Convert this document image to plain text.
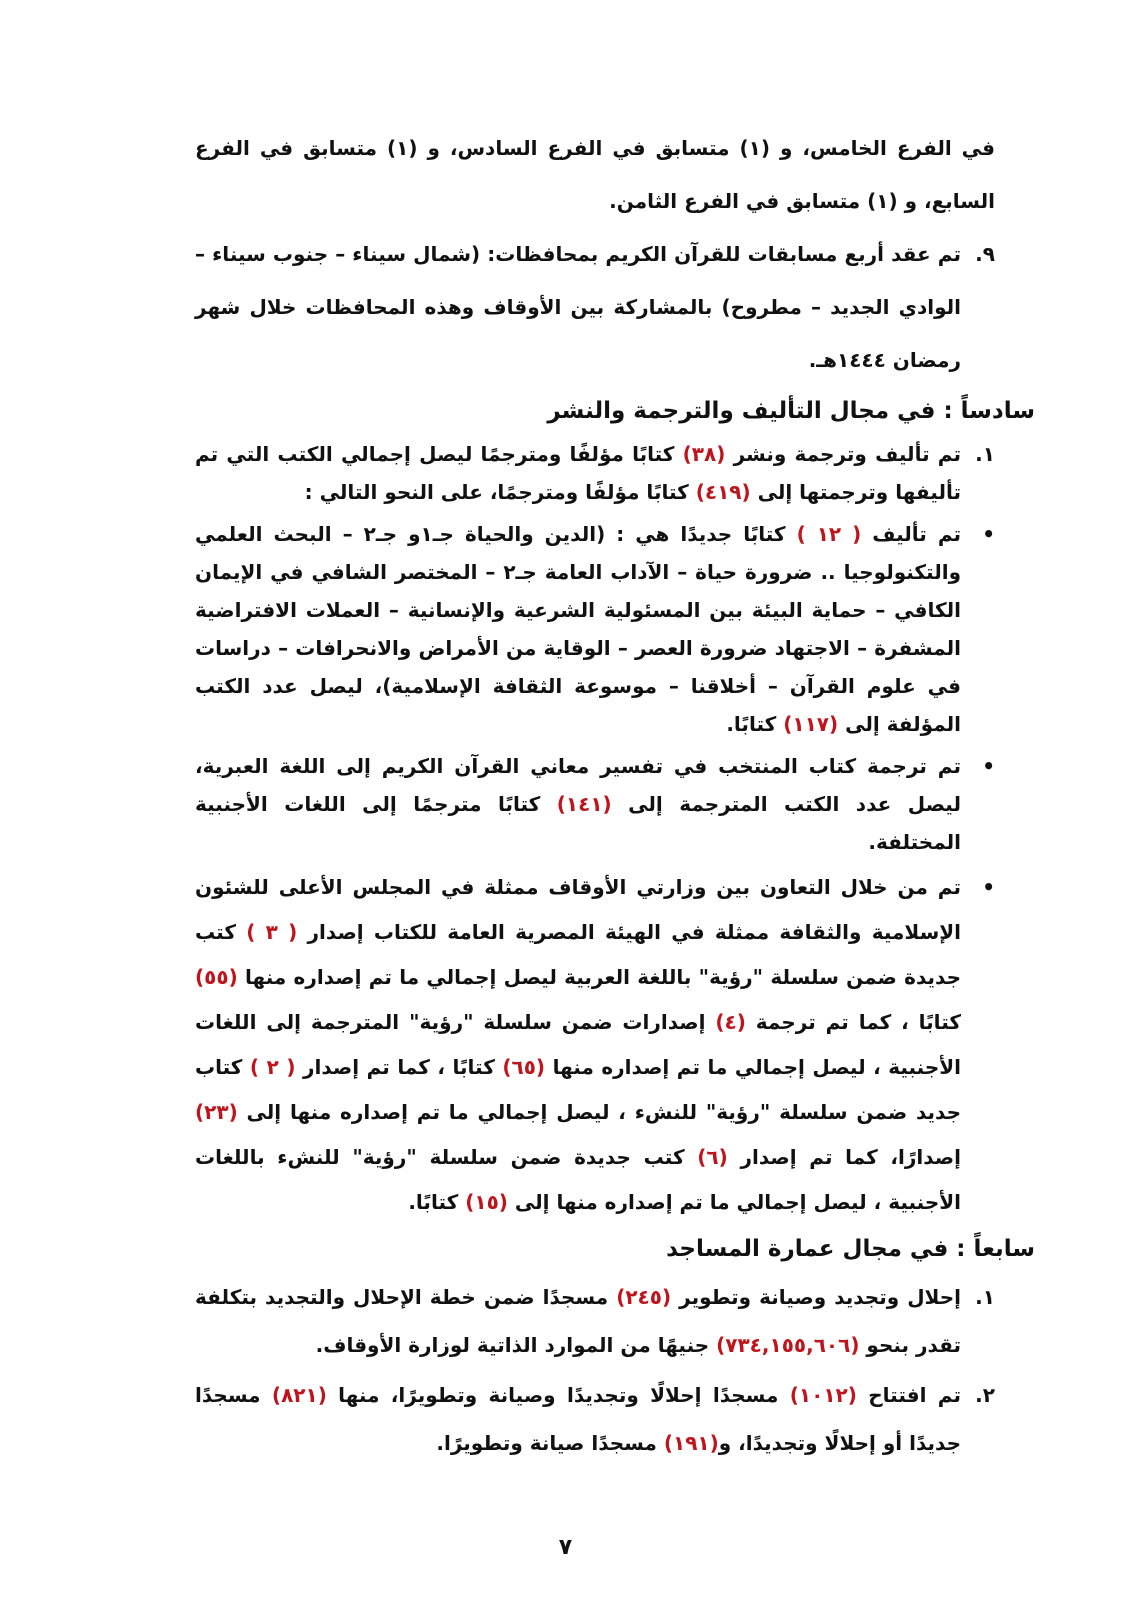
في الفرع الخامس، و (١) متسابق في الفرع السادس، و (١) متسابق في الفرع السابع، و (١) متسابق في الفرع الثامن.

٩.
تم عقد أربع مسابقات للقرآن الكريم بمحافظات: (شمال سيناء – جنوب سيناء – الوادي الجديد – مطروح) بالمشاركة بين الأوقاف وهذه المحافظات خلال شهر رمضان ١٤٤٤هـ.

سادساً : في مجال التأليف والترجمة والنشر

١.
تم تأليف وترجمة ونشر (٣٨) كتابًا مؤلفًا ومترجمًا ليصل إجمالي الكتب التي تم تأليفها وترجمتها إلى (٤١٩) كتابًا مؤلفًا ومترجمًا، على النحو التالي :

•
تم تأليف ( ١٢ ) كتابًا جديدًا هي : (الدين والحياة جـ١و جـ٢ – البحث العلمي والتكنولوجيا .. ضرورة حياة – الآداب العامة جـ٢ – المختصر الشافي في الإيمان الكافي – حماية البيئة بين المسئولية الشرعية والإنسانية – العملات الافتراضية المشفرة – الاجتهاد ضرورة العصر – الوقاية من الأمراض والانحرافات – دراسات في علوم القرآن – أخلاقنا – موسوعة الثقافة الإسلامية)، ليصل عدد الكتب المؤلفة إلى (١١٧) كتابًا.

•
تم ترجمة كتاب المنتخب في تفسير معاني القرآن الكريم إلى اللغة العبرية، ليصل عدد الكتب المترجمة إلى (١٤١) كتابًا مترجمًا إلى اللغات الأجنبية المختلفة.

•
تم من خلال التعاون بين وزارتي الأوقاف ممثلة في المجلس الأعلى للشئون الإسلامية والثقافة ممثلة في الهيئة المصرية العامة للكتاب إصدار ( ٣ ) كتب جديدة ضمن سلسلة "رؤية" باللغة العربية ليصل إجمالي ما تم إصداره منها (٥٥) كتابًا ، كما تم ترجمة (٤) إصدارات ضمن سلسلة "رؤية" المترجمة إلى اللغات الأجنبية ، ليصل إجمالي ما تم إصداره منها (٦٥) كتابًا ، كما تم إصدار ( ٢ ) كتاب جديد ضمن سلسلة "رؤية" للنشء ، ليصل إجمالي ما تم إصداره منها إلى (٢٣) إصدارًا، كما تم إصدار (٦) كتب جديدة ضمن سلسلة "رؤية" للنشء باللغات الأجنبية ، ليصل إجمالي ما تم إصداره منها إلى (١٥) كتابًا.

سابعاً : في مجال عمارة المساجد

١.
إحلال وتجديد وصيانة وتطوير (٢٤٥) مسجدًا ضمن خطة الإحلال والتجديد بتكلفة تقدر بنحو (٧٣٤,١٥٥,٦٠٦) جنيهًا من الموارد الذاتية لوزارة الأوقاف.

٢.
تم افتتاح (١٠١٢) مسجدًا إحلالًا وتجديدًا وصيانة وتطويرًا، منها (٨٢١) مسجدًا جديدًا أو إحلالًا وتجديدًا، و(١٩١) مسجدًا صيانة وتطويرًا.

٧
